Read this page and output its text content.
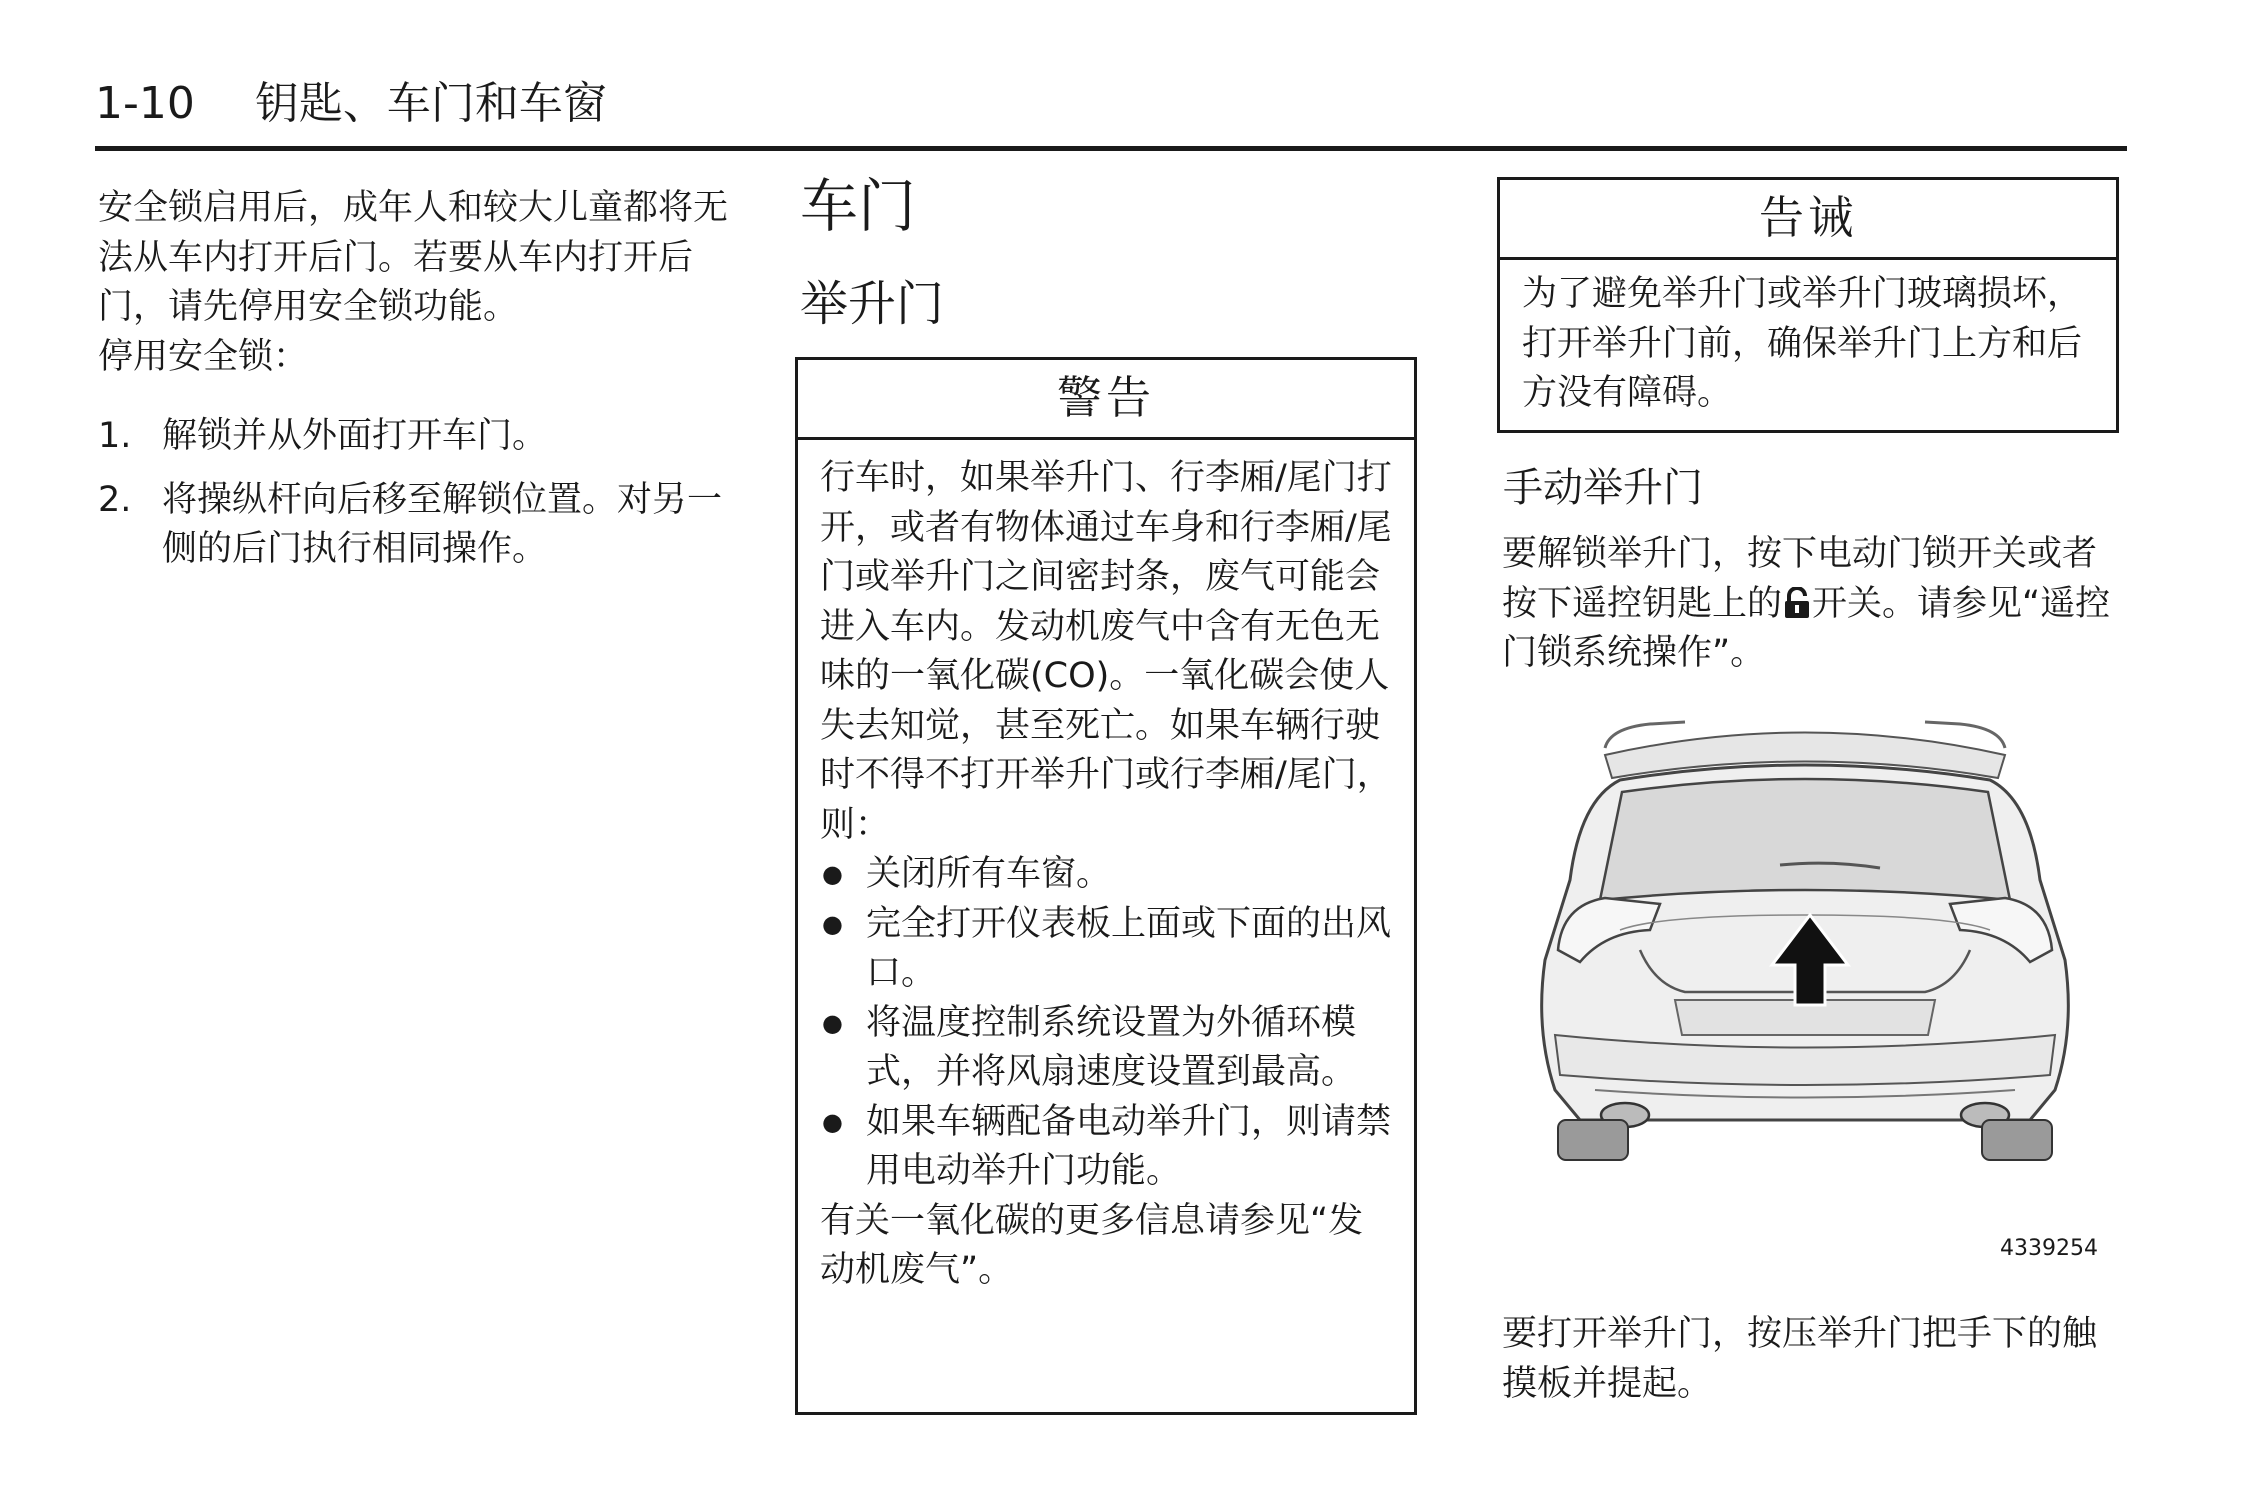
1-10 钥匙、车门和车窗

安全锁启用后，成年人和较大儿童都将无法从车内打开后门。若要从车内打开后门，请先停用安全锁功能。

停用安全锁：

1. 解锁并从外面打开车门。
2. 将操纵杆向后移至解锁位置。对另一侧的后门执行相同操作。
车门
举升门
警告

行车时，如果举升门、行李厢/尾门打开，或者有物体通过车身和行李厢/尾门或举升门之间密封条，废气可能会进入车内。发动机废气中含有无色无味的一氧化碳(CO)。一氧化碳会使人失去知觉，甚至死亡。如果车辆行驶时不得不打开举升门或行李厢/尾门，则：

● 关闭所有车窗。
● 完全打开仪表板上面或下面的出风口。
● 将温度控制系统设置为外循环模式，并将风扇速度设置到最高。
● 如果车辆配备电动举升门，则请禁用电动举升门功能。

有关一氧化碳的更多信息请参见“发动机废气”。

告诫
为了避免举升门或举升门玻璃损坏，打开举升门前，确保举升门上方和后方没有障碍。
手动举升门
要解锁举升门，按下电动门锁开关或者按下遥控钥匙上的 开关。请参见“遥控门锁系统操作”。
4339254
要打开举升门，按压举升门把手下的触摸板并提起。
